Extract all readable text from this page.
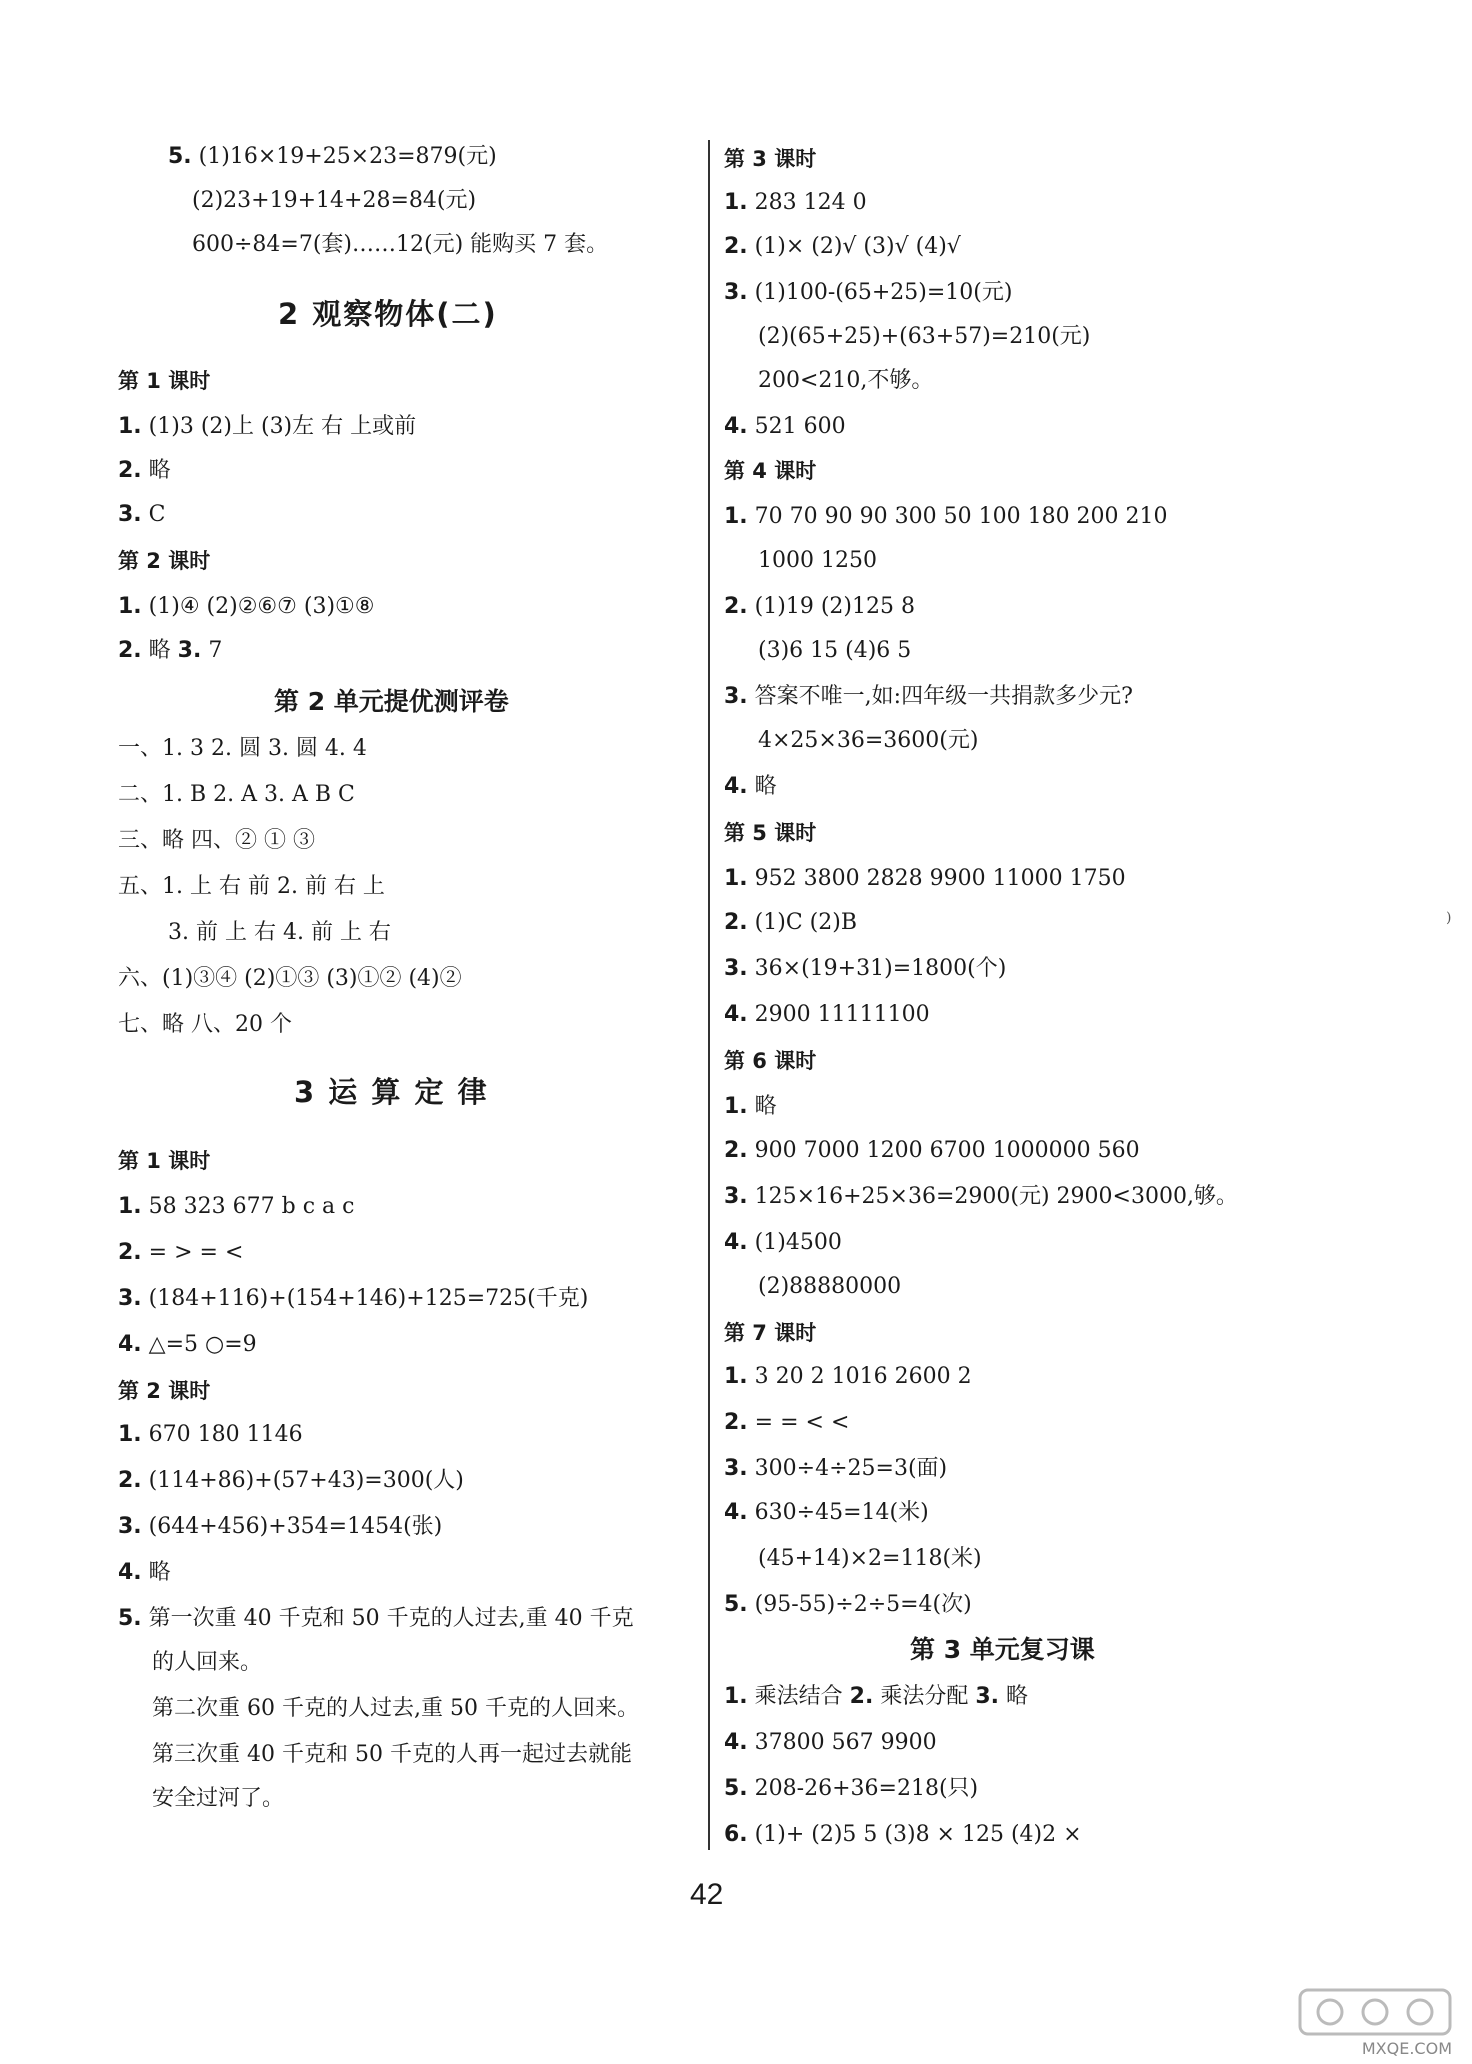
5. (1)16×19+25×23=879(元)
(2)23+19+14+28=84(元)
600÷84=7(套)……12(元) 能购买 7 套。
2 观察物体(二)
第 1 课时
1. (1)3 (2)上 (3)左 右 上或前
2. 略
3. C
第 2 课时
1. (1)④ (2)②⑥⑦ (3)①⑧
2. 略 3. 7
第 2 单元提优测评卷
一、1. 3 2. 圆 3. 圆 4. 4
二、1. B 2. A 3. A B C
三、略 四、② ① ③
五、1. 上 右 前 2. 前 右 上
3. 前 上 右 4. 前 上 右
六、(1)③④ (2)①③ (3)①② (4)②
七、略 八、20 个
3 运 算 定 律
第 1 课时
1. 58 323 677 b c a c
2. = > = <
3. (184+116)+(154+146)+125=725(千克)
4. △=5 ○=9
第 2 课时
1. 670 180 1146
2. (114+86)+(57+43)=300(人)
3. (644+456)+354=1454(张)
4. 略
5. 第一次重 40 千克和 50 千克的人过去,重 40 千克
的人回来。
第二次重 60 千克的人过去,重 50 千克的人回来。
第三次重 40 千克和 50 千克的人再一起过去就能
安全过河了。
第 3 课时
1. 283 124 0
2. (1)× (2)√ (3)√ (4)√
3. (1)100-(65+25)=10(元)
(2)(65+25)+(63+57)=210(元)
200<210,不够。
4. 521 600
第 4 课时
1. 70 70 90 90 300 50 100 180 200 210
1000 1250
2. (1)19 (2)125 8
(3)6 15 (4)6 5
3. 答案不唯一,如:四年级一共捐款多少元?
4×25×36=3600(元)
4. 略
第 5 课时
1. 952 3800 2828 9900 11000 1750
2. (1)C (2)B
3. 36×(19+31)=1800(个)
4. 2900 11111100
第 6 课时
1. 略
2. 900 7000 1200 6700 1000000 560
3. 125×16+25×36=2900(元) 2900<3000,够。
4. (1)4500
(2)88880000
第 7 课时
1. 3 20 2 1016 2600 2
2. = = < <
3. 300÷4÷25=3(面)
4. 630÷45=14(米)
(45+14)×2=118(米)
5. (95-55)÷2÷5=4(次)
第 3 单元复习课
1. 乘法结合 2. 乘法分配 3. 略
4. 37800 567 9900
5. 208-26+36=218(只)
6. (1)+ (2)5 5 (3)8 × 125 (4)2 ×
)
42
MXQE.COM
